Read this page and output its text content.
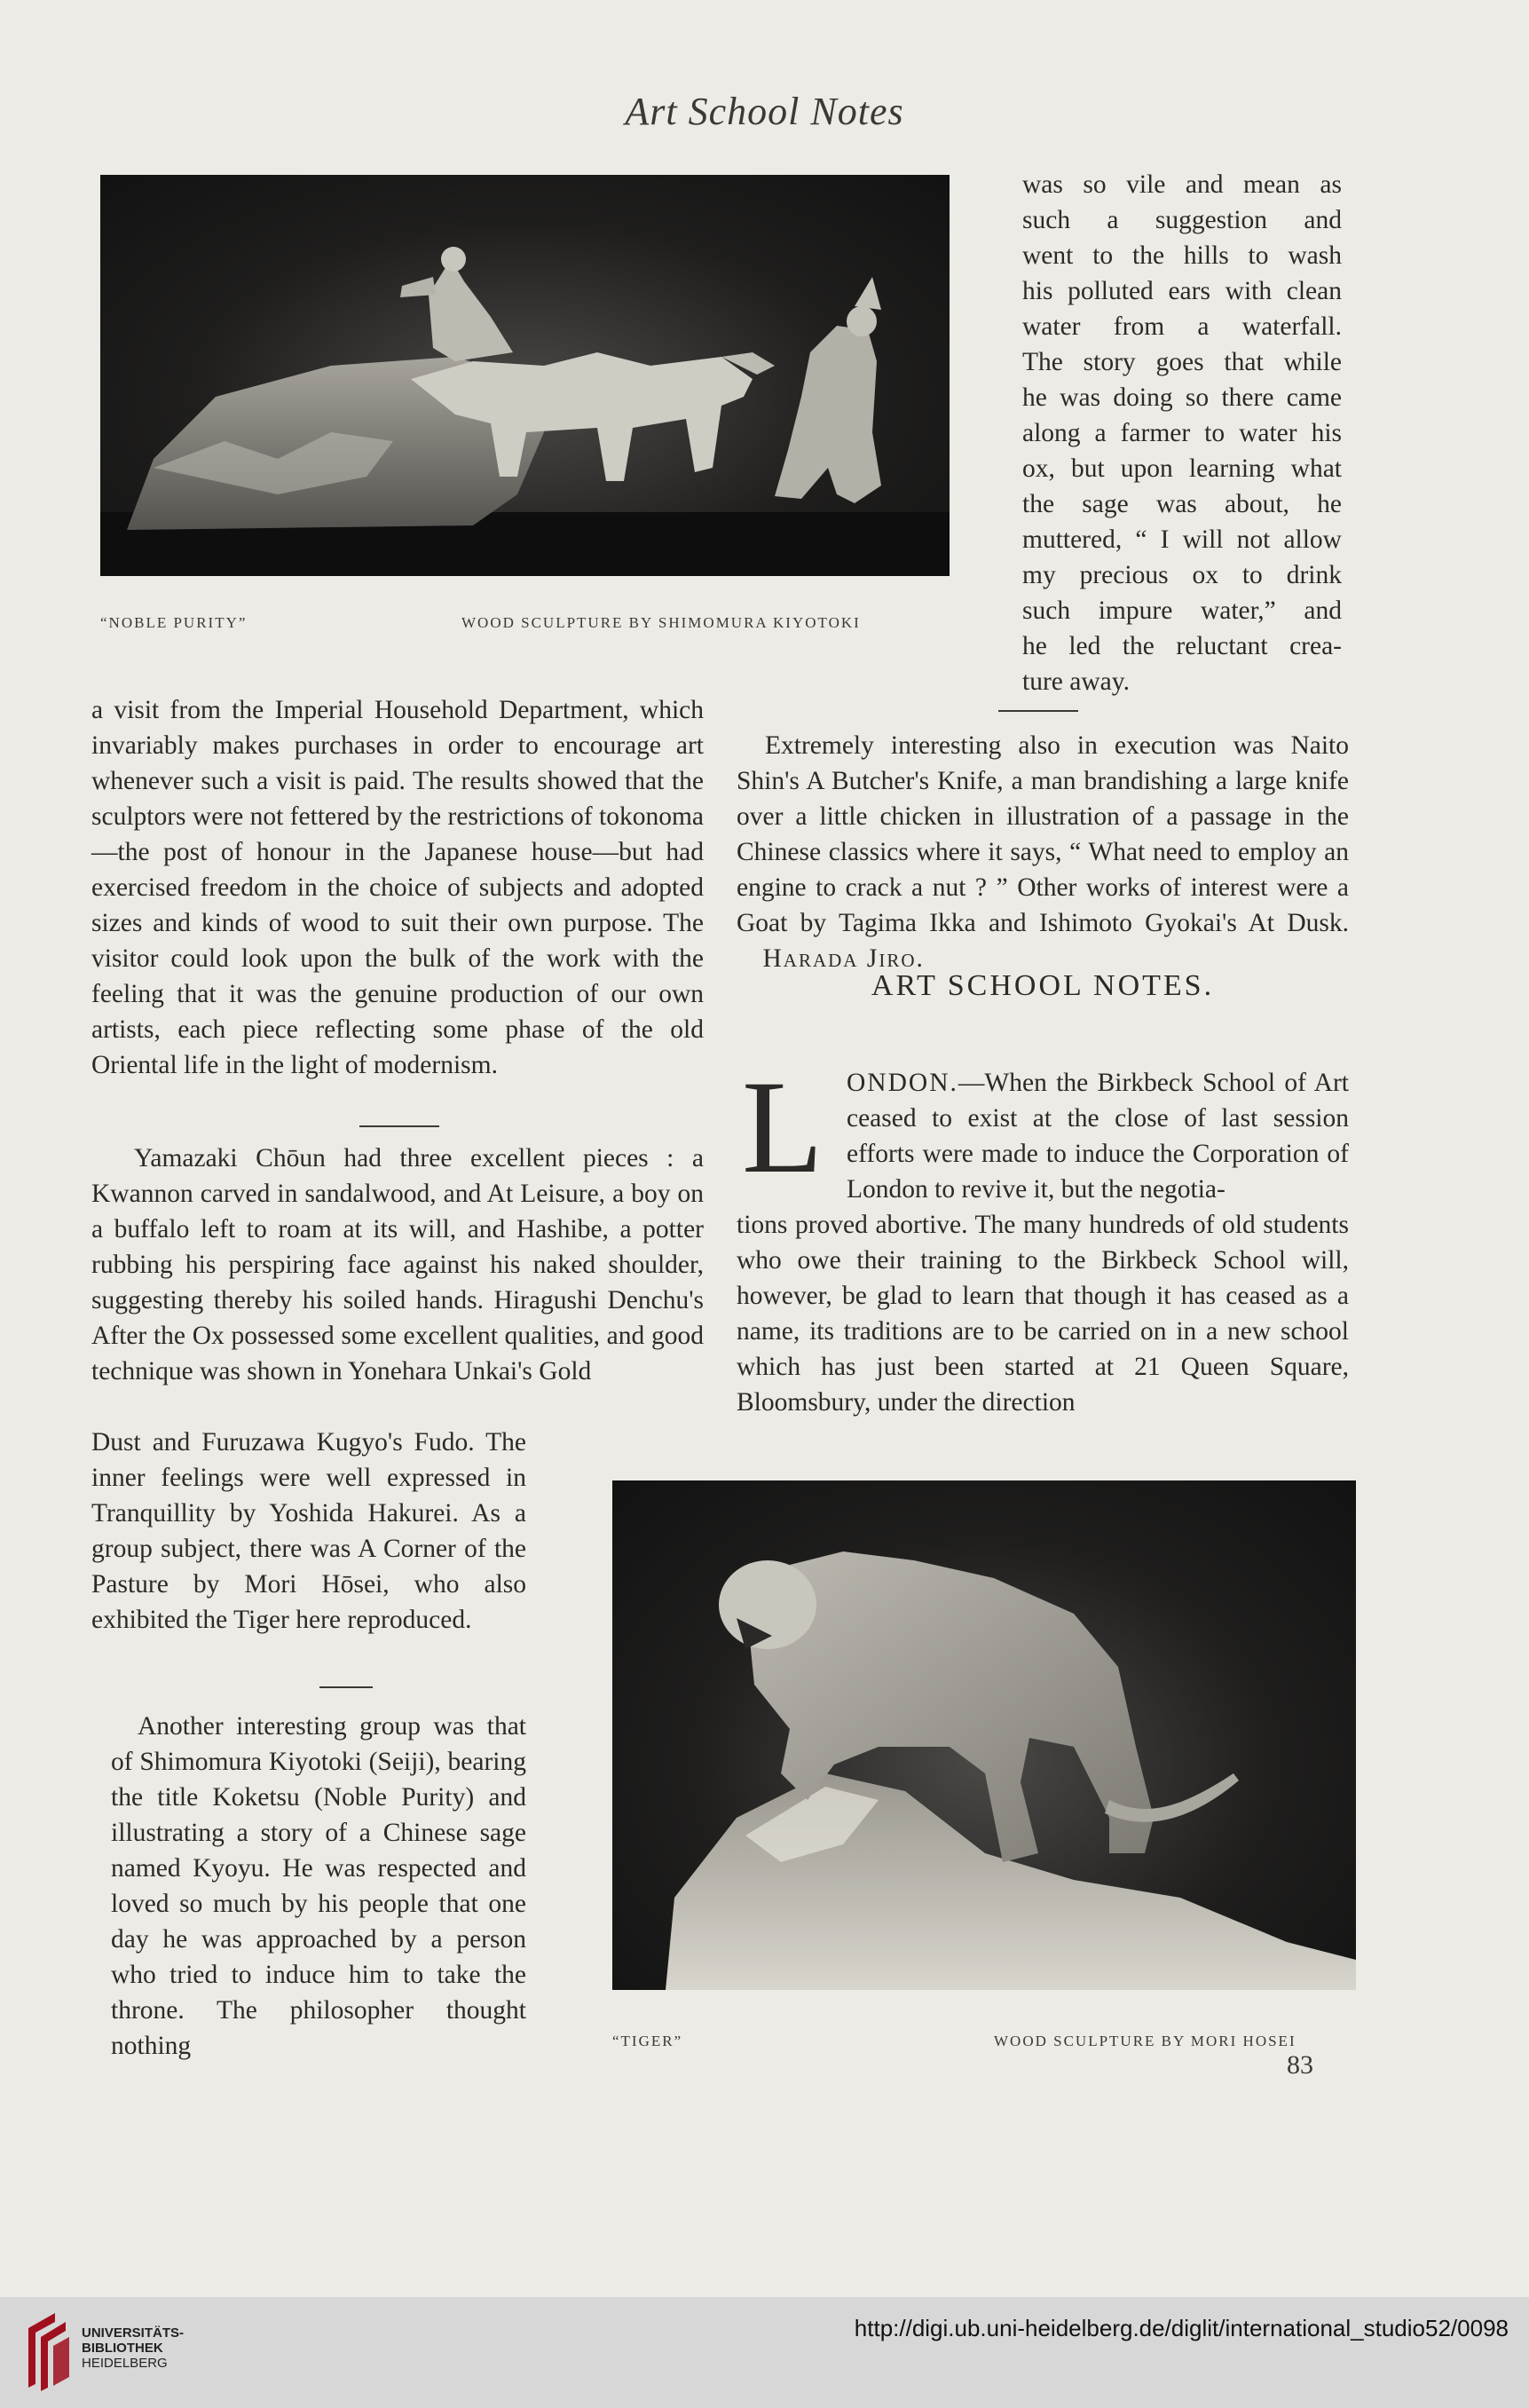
Art School Notes
“NOBLE PURITY”	WOOD SCULPTURE BY SHIMOMURA KIYOTOKI
was so vile and mean as
such a suggestion and
went to the hills to wash
his polluted ears with clean
water from a waterfall.
The story goes that while
he was doing so there came
along a farmer to water his
ox, but upon learning what
the sage was about, he
muttered, “ I will not allow
my precious ox to drink
such impure water,” and
he led the reluctant crea-
ture away.
a visit from the Imperial Household Department, which invariably makes purchases in order to encourage art whenever such a visit is paid. The results showed that the sculptors were not fettered by the restrictions of tokonoma—the post of honour in the Japanese house—but had exercised freedom in the choice of subjects and adopted sizes and kinds of wood to suit their own purpose. The visitor could look upon the bulk of the work with the feeling that it was the genuine production of our own artists, each piece reflecting some phase of the old Oriental life in the light of modernism.
Yamazaki Chōun had three excellent pieces : a Kwannon carved in sandalwood, and At Leisure, a boy on a buffalo left to roam at its will, and Hashibe, a potter rubbing his perspiring face against his naked shoulder, suggesting thereby his soiled hands. Hiragushi Denchu's After the Ox possessed some excellent qualities, and good technique was shown in Yonehara Unkai's Gold
Dust and Furuzawa Kugyo's Fudo. The inner feelings were well expressed in Tranquillity by Yoshida Hakurei. As a group subject, there was A Corner of the Pasture by Mori Hōsei, who also exhibited the Tiger here reproduced.
Another interesting group was that of Shimomura Kiyotoki (Seiji), bearing the title Koketsu (Noble Purity) and illustrating a story of a Chinese sage named Kyoyu. He was respected and loved so much by his people that one day he was approached by a person who tried to induce him to take the throne. The philosopher thought nothing
Extremely interesting also in execution was Naito Shin's A Butcher's Knife, a man brandishing a large knife over a little chicken in illustration of a passage in the Chinese classics where it says, “ What need to employ an engine to crack a nut ? ” Other works of interest were a Goat by Tagima Ikka and Ishimoto Gyokai's At Dusk.     Harada Jiro.
ART SCHOOL NOTES.
L ONDON.—When the Birkbeck School of Art ceased to exist at the close of last session efforts were made to induce the Corporation of London to revive it, but the negotia-
tions proved abortive. The many hundreds of old students who owe their training to the Birkbeck School will, however, be glad to learn that though it has ceased as a name, its traditions are to be carried on in a new school which has just been started at 21 Queen Square, Bloomsbury, under the direction
“TIGER”	WOOD SCULPTURE BY MORI HOSEI
83
UNIVERSITÄTS-
BIBLIOTHEK
HEIDELBERG
http://digi.ub.uni-heidelberg.de/diglit/international_studio52/0098
